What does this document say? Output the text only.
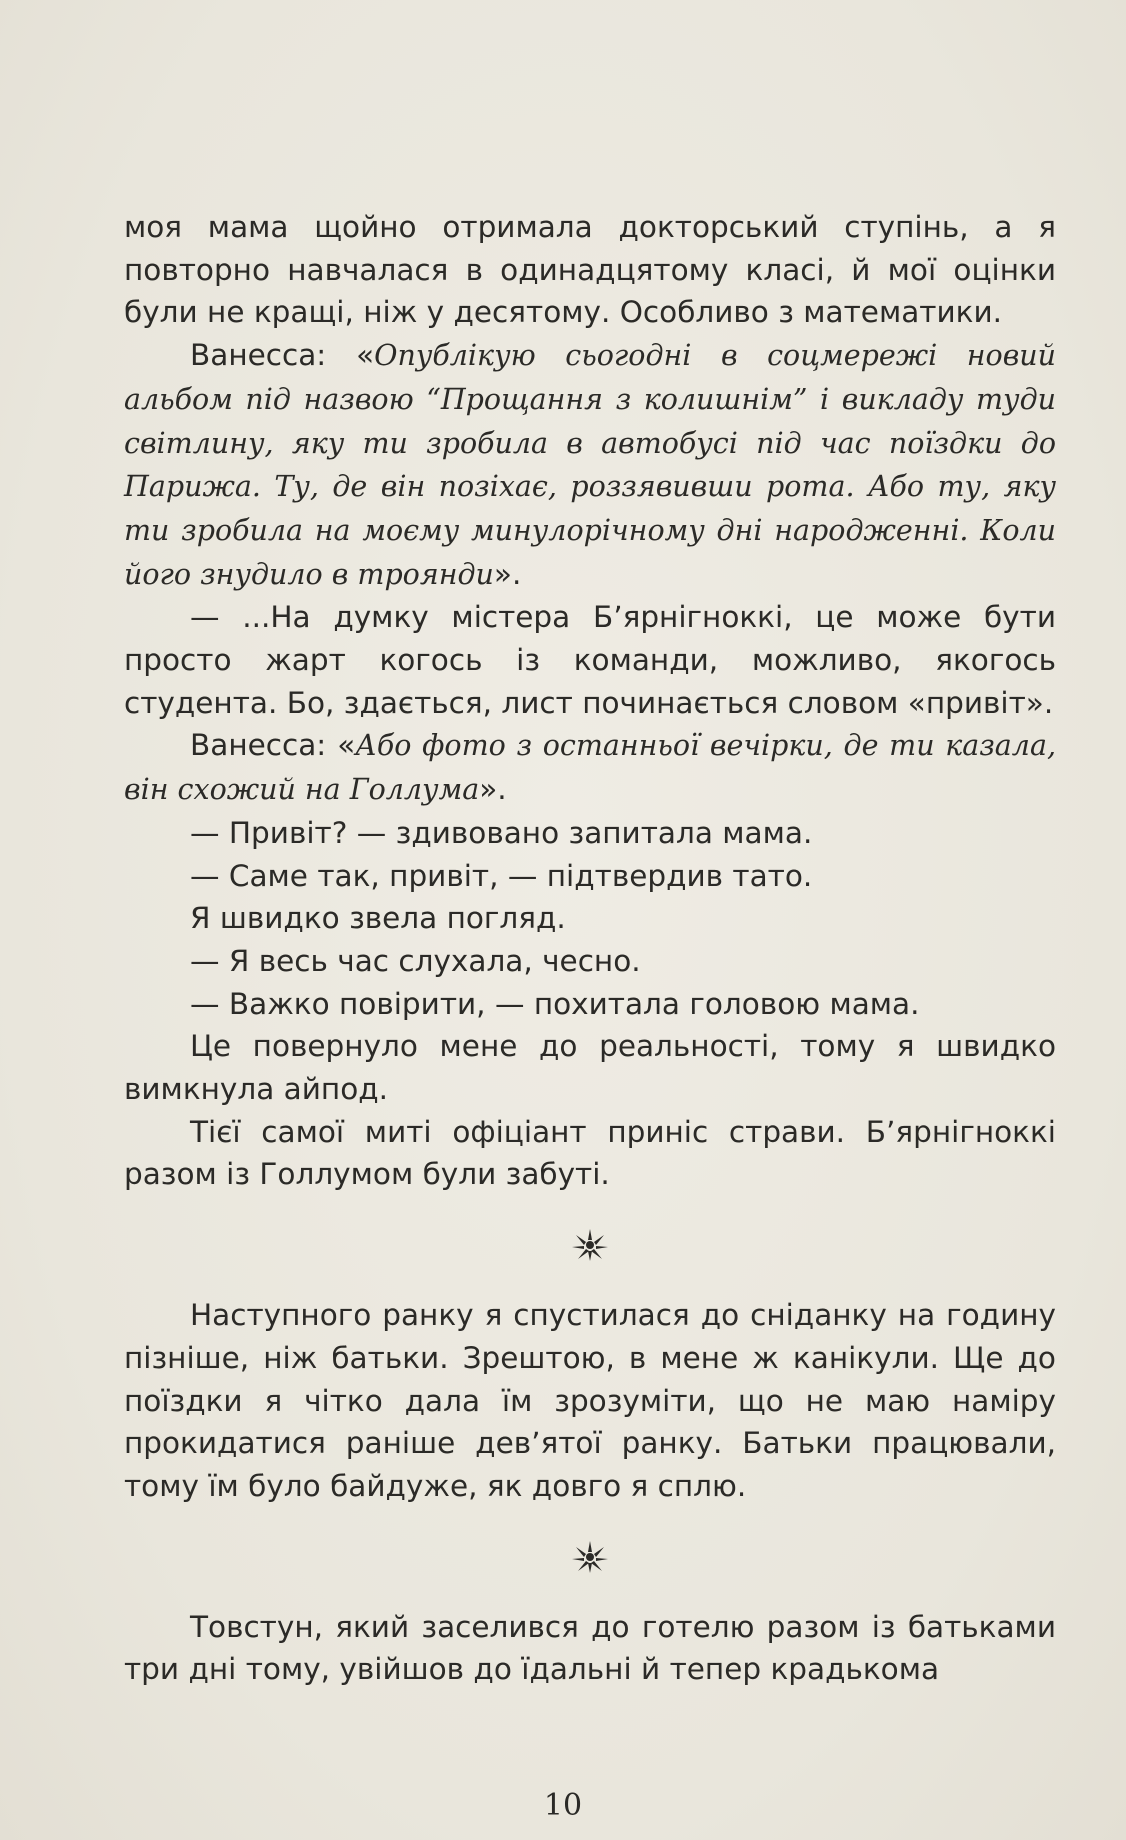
моя мама щойно отримала докторський ступінь, а я повторно навчалася в одинадцятому класі, й мої оцінки були не кращі, ніж у десятому. Особливо з математики.

Ванесса: «Опублікую сьогодні в соцмережі новий альбом під назвою “Прощання з колишнім” і викладу туди світлину, яку ти зробила в автобусі під час поїздки до Парижа. Ту, де він позіхає, роззявивши рота. Або ту, яку ти зробила на моєму минулорічному дні народженні. Коли його знудило в троянди».

— ...На думку містера Б’ярнігноккі, це може бути просто жарт когось із команди, можливо, якогось студента. Бо, здається, лист починається словом «привіт».

Ванесса: «Або фото з останньої вечірки, де ти казала, він схожий на Голлума».

— Привіт? — здивовано запитала мама.

— Саме так, привіт, — підтвердив тато.

Я швидко звела погляд.

— Я весь час слухала, чесно.

— Важко повірити, — похитала головою мама.

Це повернуло мене до реальності, тому я швидко вимкнула айпод.

Тієї самої миті офіціант приніс страви. Б’ярнігноккі разом із Голлумом були забуті.

Наступного ранку я спустилася до сніданку на годину пізніше, ніж батьки. Зрештою, в мене ж канікули. Ще до поїздки я чітко дала їм зрозуміти, що не маю наміру прокидатися раніше дев’ятої ранку. Батьки працювали, тому їм було байдуже, як довго я сплю.

Товстун, який заселився до готелю разом із батьками три дні тому, увійшов до їдальні й тепер крадькома

10
